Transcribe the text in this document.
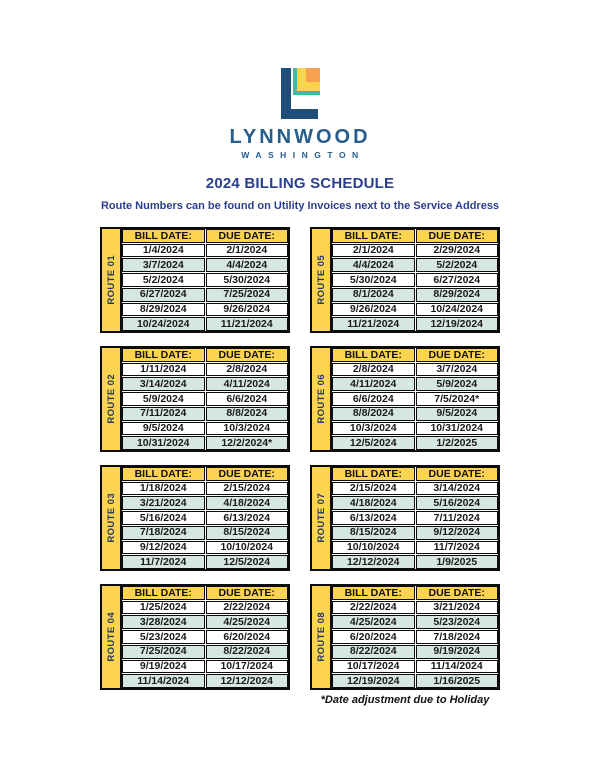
LYNNWOOD
WASHINGTON
2024 BILLING SCHEDULE
Route Numbers can be found on Utility Invoices next to the Service Address
ROUTE 01
BILL DATE:	DUE DATE:
1/4/2024	2/1/2024
3/7/2024	4/4/2024
5/2/2024	5/30/2024
6/27/2024	7/25/2024
8/29/2024	9/26/2024
10/24/2024	11/21/2024
ROUTE 02
BILL DATE:	DUE DATE:
1/11/2024	2/8/2024
3/14/2024	4/11/2024
5/9/2024	6/6/2024
7/11/2024	8/8/2024
9/5/2024	10/3/2024
10/31/2024	12/2/2024*
ROUTE 03
BILL DATE:	DUE DATE:
1/18/2024	2/15/2024
3/21/2024	4/18/2024
5/16/2024	6/13/2024
7/18/2024	8/15/2024
9/12/2024	10/10/2024
11/7/2024	12/5/2024
ROUTE 04
BILL DATE:	DUE DATE:
1/25/2024	2/22/2024
3/28/2024	4/25/2024
5/23/2024	6/20/2024
7/25/2024	8/22/2024
9/19/2024	10/17/2024
11/14/2024	12/12/2024
ROUTE 05
BILL DATE:	DUE DATE:
2/1/2024	2/29/2024
4/4/2024	5/2/2024
5/30/2024	6/27/2024
8/1/2024	8/29/2024
9/26/2024	10/24/2024
11/21/2024	12/19/2024
ROUTE 06
BILL DATE:	DUE DATE:
2/8/2024	3/7/2024
4/11/2024	5/9/2024
6/6/2024	7/5/2024*
8/8/2024	9/5/2024
10/3/2024	10/31/2024
12/5/2024	1/2/2025
ROUTE 07
BILL DATE:	DUE DATE:
2/15/2024	3/14/2024
4/18/2024	5/16/2024
6/13/2024	7/11/2024
8/15/2024	9/12/2024
10/10/2024	11/7/2024
12/12/2024	1/9/2025
ROUTE 08
BILL DATE:	DUE DATE:
2/22/2024	3/21/2024
4/25/2024	5/23/2024
6/20/2024	7/18/2024
8/22/2024	9/19/2024
10/17/2024	11/14/2024
12/19/2024	1/16/2025
*Date adjustment due to Holiday
